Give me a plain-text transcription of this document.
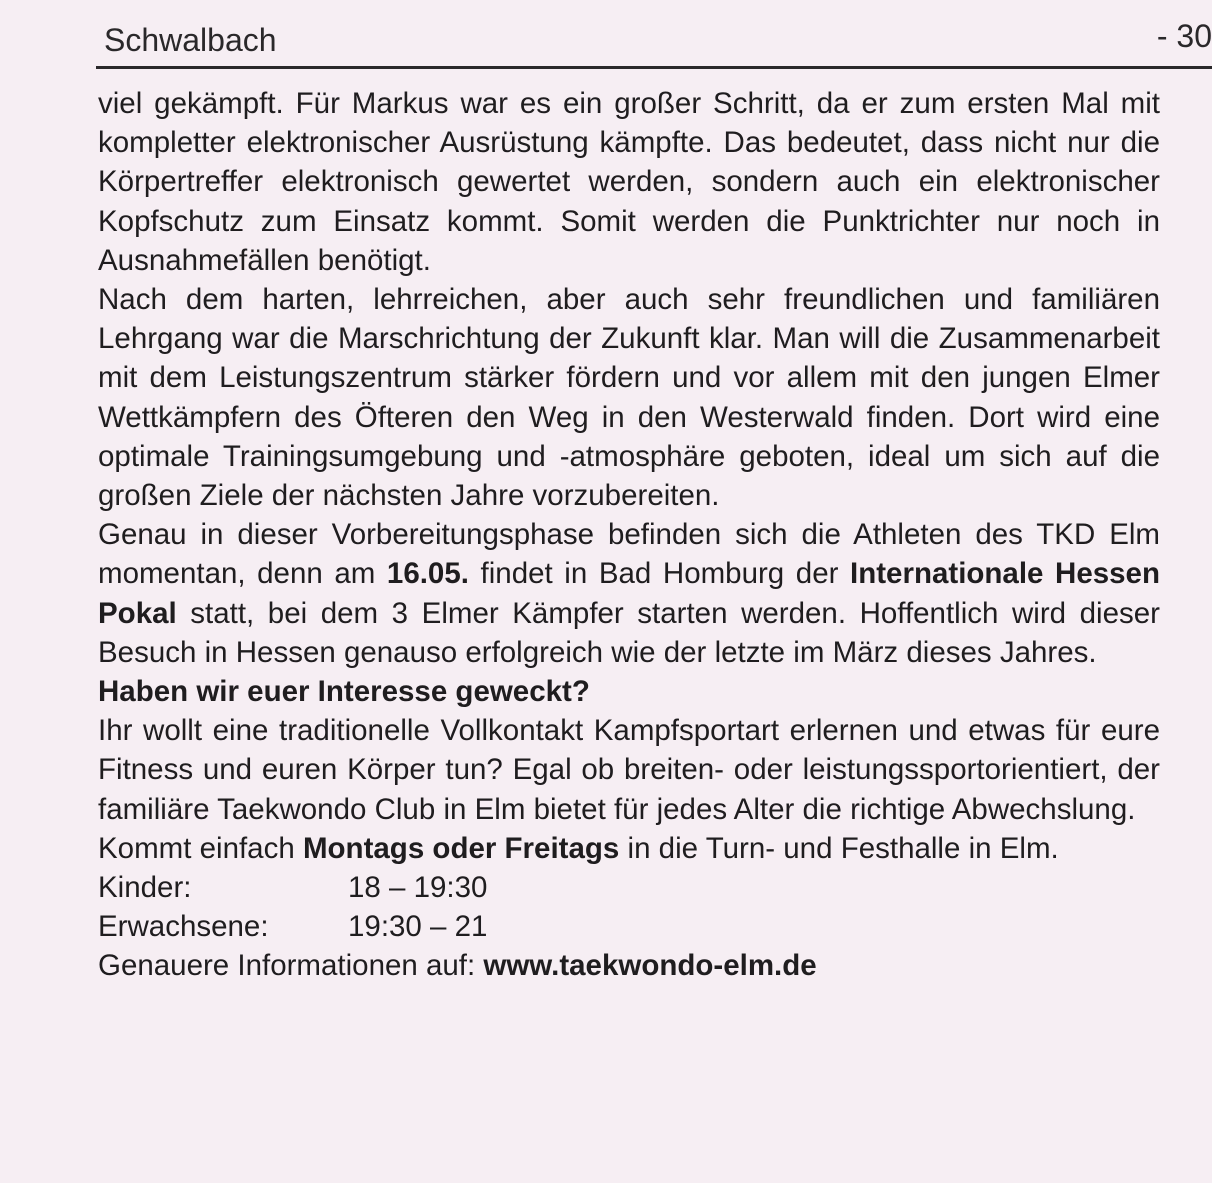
Schwalbach	- 30

viel gekämpft. Für Markus war es ein großer Schritt, da er zum ersten Mal mit kompletter elektronischer Ausrüstung kämpfte. Das bedeutet, dass nicht nur die Körpertreffer elektronisch gewertet werden, sondern auch ein elektronischer Kopfschutz zum Einsatz kommt. Somit werden die Punktrichter nur noch in Ausnahmefällen benötigt.

Nach dem harten, lehrreichen, aber auch sehr freundlichen und familiären Lehrgang war die Marschrichtung der Zukunft klar. Man will die Zusammenarbeit mit dem Leistungszentrum stärker fördern und vor allem mit den jungen Elmer Wettkämpfern des Öfteren den Weg in den Westerwald finden. Dort wird eine optimale Trainingsumgebung und -atmosphäre geboten, ideal um sich auf die großen Ziele der nächsten Jahre vorzubereiten.

Genau in dieser Vorbereitungsphase befinden sich die Athleten des TKD Elm momentan, denn am 16.05. findet in Bad Homburg der Internationale Hessen Pokal statt, bei dem 3 Elmer Kämpfer starten werden. Hoffentlich wird dieser Besuch in Hessen genauso erfolgreich wie der letzte im März dieses Jahres.

Haben wir euer Interesse geweckt?

Ihr wollt eine traditionelle Vollkontakt Kampfsportart erlernen und etwas für eure Fitness und euren Körper tun? Egal ob breiten- oder leistungssportorientiert, der familiäre Taekwondo Club in Elm bietet für jedes Alter die richtige Abwechslung.

Kommt einfach Montags oder Freitags in die Turn- und Festhalle in Elm.

Kinder:	18 – 19:30
Erwachsene:	19:30 – 21

Genauere Informationen auf: www.taekwondo-elm.de
